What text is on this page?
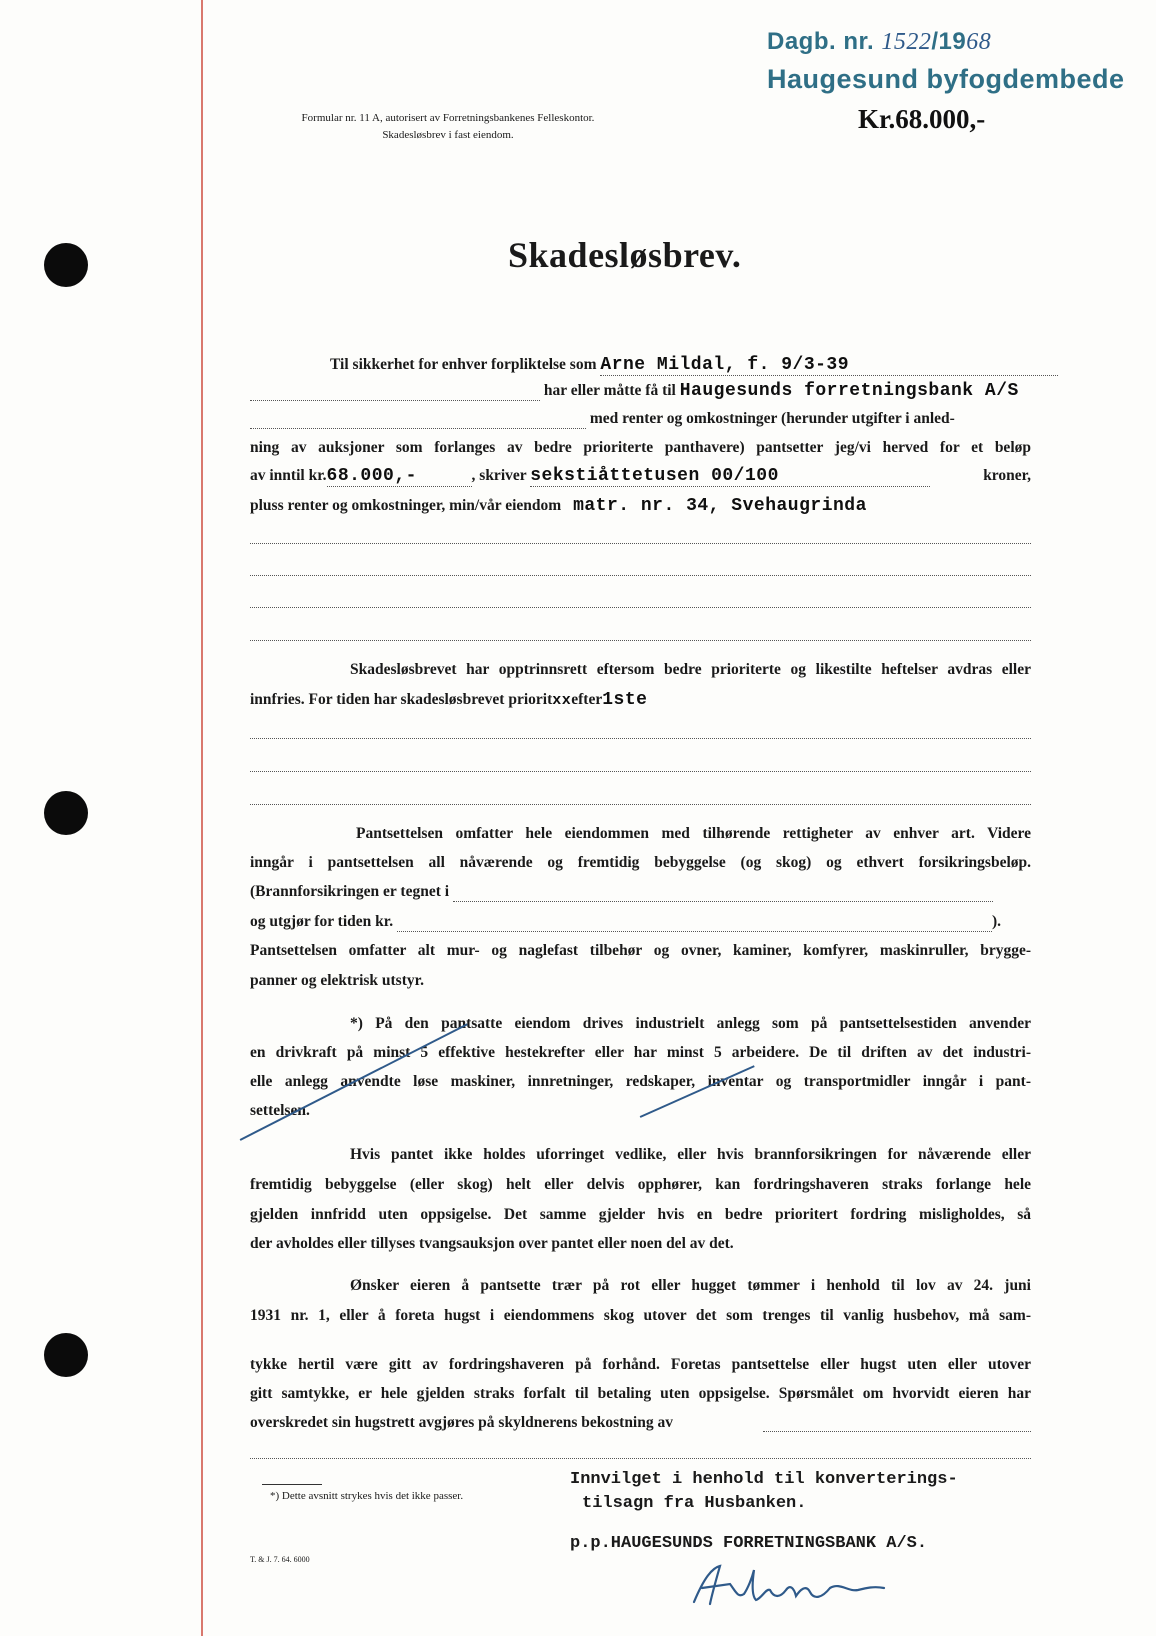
Dagb. nr. 1522/1968
Haugesund byfogdembede
Formular nr. 11 A, autorisert av Forretningsbankenes Felleskontor.
Skadesløsbrev i fast eiendom.
Kr.68.000,-
Skadesløsbrev.
Til sikkerhet for enhver forpliktelse som Arne Mildal, f. 9/3-39
har eller måtte få til Haugesunds forretningsbank A/S
med renter og omkostninger (herunder utgifter i anled-
ning av auksjoner som forlanges av bedre prioriterte panthavere) pantsetter jeg/vi herved for et beløp
av inntil kr.68.000,-	, skriver sekstiåttetusen 00/100	kroner,
pluss renter og omkostninger, min/vår eiendom matr. nr. 34, Svehaugrinda
Skadesløsbrevet har opptrinnsrett eftersom bedre prioriterte og likestilte heftelser avdras eller
innfries. For tiden har skadesløsbrevet prioritxxefter1ste
Pantsettelsen omfatter hele eiendommen med tilhørende rettigheter av enhver art. Videre
inngår i pantsettelsen all nåværende og fremtidig bebyggelse (og skog) og ethvert forsikringsbeløp.
(Brannforsikringen er tegnet i
og utgjør for tiden kr.	).
Pantsettelsen omfatter alt mur- og naglefast tilbehør og ovner, kaminer, komfyrer, maskinruller, brygge-
panner og elektrisk utstyr.
*) På den pantsatte eiendom drives industrielt anlegg som på pantsettelsestiden anvender
en drivkraft på minst 5 effektive hestekrefter eller har minst 5 arbeidere. De til driften av det industri-
elle anlegg anvendte løse maskiner, innretninger, redskaper, inventar og transportmidler inngår i pant-
settelsen.
Hvis pantet ikke holdes uforringet vedlike, eller hvis brannforsikringen for nåværende eller
fremtidig bebyggelse (eller skog) helt eller delvis opphører, kan fordringshaveren straks forlange hele
gjelden innfridd uten oppsigelse. Det samme gjelder hvis en bedre prioritert fordring misligholdes, så
der avholdes eller tillyses tvangsauksjon over pantet eller noen del av det.
Ønsker eieren å pantsette trær på rot eller hugget tømmer i henhold til lov av 24. juni
1931 nr. 1, eller å foreta hugst i eiendommens skog utover det som trenges til vanlig husbehov, må sam-
tykke hertil være gitt av fordringshaveren på forhånd. Foretas pantsettelse eller hugst uten eller utover
gitt samtykke, er hele gjelden straks forfalt til betaling uten oppsigelse. Spørsmålet om hvorvidt eieren har
overskredet sin hugstrett avgjøres på skyldnerens bekostning av
Innvilget i henhold til konverterings-
tilsagn fra Husbanken.
p.p.HAUGESUNDS FORRETNINGSBANK A/S.
*) Dette avsnitt strykes hvis det ikke passer.
T. & J. 7. 64. 6000
